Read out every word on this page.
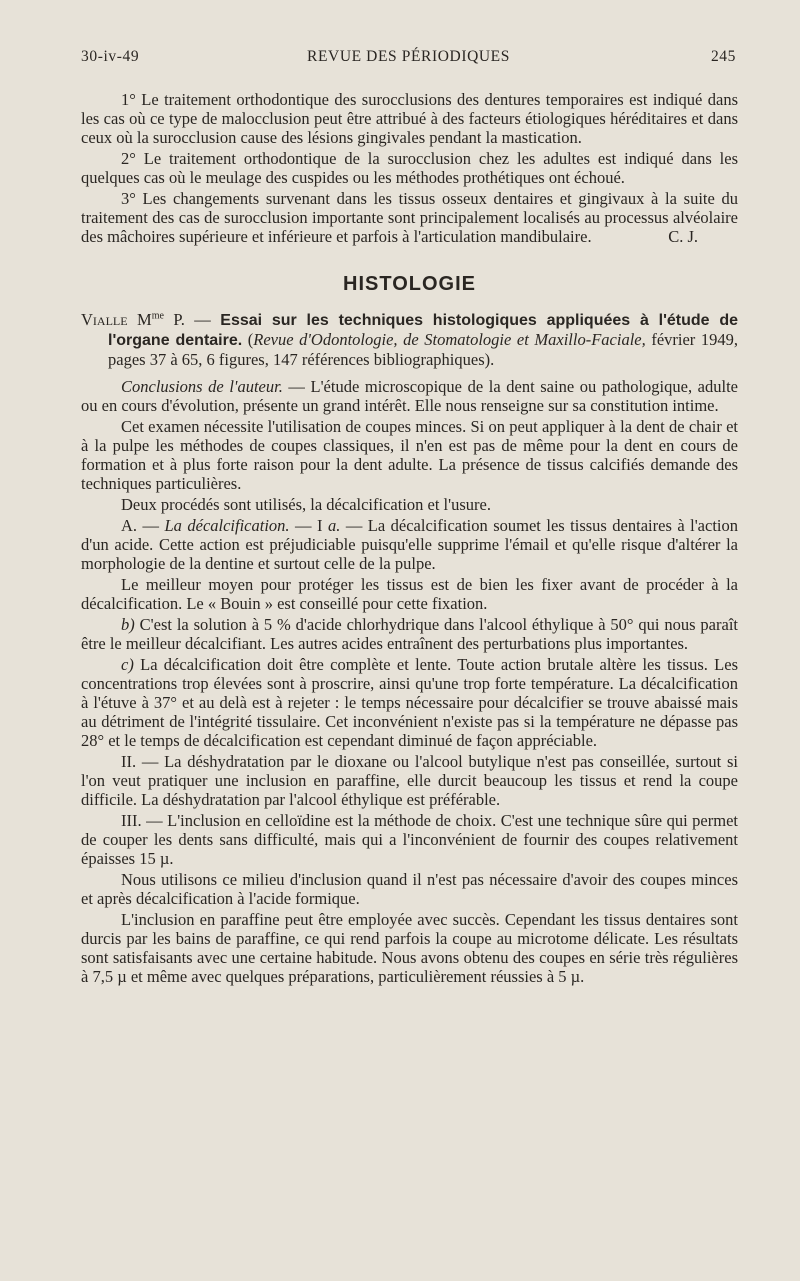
30-iv-49	REVUE DES PÉRIODIQUES	245

1° Le traitement orthodontique des surocclusions des dentures temporaires est indiqué dans les cas où ce type de malocclusion peut être attribué à des facteurs étiologiques héréditaires et dans ceux où la surocclusion cause des lésions gingivales pendant la mastication.

2° Le traitement orthodontique de la surocclusion chez les adultes est indiqué dans les quelques cas où le meulage des cuspides ou les méthodes prothétiques ont échoué.

3° Les changements survenant dans les tissus osseux dentaires et gingivaux à la suite du traitement des cas de surocclusion importante sont principalement localisés au processus alvéolaire des mâchoires supérieure et inférieure et parfois à l'articulation mandibulaire.	C. J.

HISTOLOGIE

Vialle $M^{me}$ P. — Essai sur les techniques histologiques appliquées à l'étude de l'organe dentaire. (Revue d'Odontologie, de Stomatologie et Maxillo-Faciale, février 1949, pages 37 à 65, 6 figures, 147 références bibliographiques).

Conclusions de l'auteur. — L'étude microscopique de la dent saine ou pathologique, adulte ou en cours d'évolution, présente un grand intérêt. Elle nous renseigne sur sa constitution intime.

Cet examen nécessite l'utilisation de coupes minces. Si on peut appliquer à la dent de chair et à la pulpe les méthodes de coupes classiques, il n'en est pas de même pour la dent en cours de formation et à plus forte raison pour la dent adulte. La présence de tissus calcifiés demande des techniques particulières.

Deux procédés sont utilisés, la décalcification et l'usure.

A. — La décalcification. — I a. — La décalcification soumet les tissus dentaires à l'action d'un acide. Cette action est préjudiciable puisqu'elle supprime l'émail et qu'elle risque d'altérer la morphologie de la dentine et surtout celle de la pulpe.

Le meilleur moyen pour protéger les tissus est de bien les fixer avant de procéder à la décalcification. Le « Bouin » est conseillé pour cette fixation.

b) C'est la solution à 5 % d'acide chlorhydrique dans l'alcool éthylique à 50° qui nous paraît être le meilleur décalcifiant. Les autres acides entraînent des perturbations plus importantes.

c) La décalcification doit être complète et lente. Toute action brutale altère les tissus. Les concentrations trop élevées sont à proscrire, ainsi qu'une trop forte température. La décalcification à l'étuve à 37° et au delà est à rejeter : le temps nécessaire pour décalcifier se trouve abaissé mais au détriment de l'intégrité tissulaire. Cet inconvénient n'existe pas si la température ne dépasse pas 28° et le temps de décalcification est cependant diminué de façon appréciable.

II. — La déshydratation par le dioxane ou l'alcool butylique n'est pas conseillée, surtout si l'on veut pratiquer une inclusion en paraffine, elle durcit beaucoup les tissus et rend la coupe difficile. La déshydratation par l'alcool éthylique est préférable.

III. — L'inclusion en celloïdine est la méthode de choix. C'est une technique sûre qui permet de couper les dents sans difficulté, mais qui a l'inconvénient de fournir des coupes relativement épaisses 15 µ.

Nous utilisons ce milieu d'inclusion quand il n'est pas nécessaire d'avoir des coupes minces et après décalcification à l'acide formique.

L'inclusion en paraffine peut être employée avec succès. Cependant les tissus dentaires sont durcis par les bains de paraffine, ce qui rend parfois la coupe au microtome délicate. Les résultats sont satisfaisants avec une certaine habitude. Nous avons obtenu des coupes en série très régulières à 7,5 µ et même avec quelques préparations, particulièrement réussies à 5 µ.
